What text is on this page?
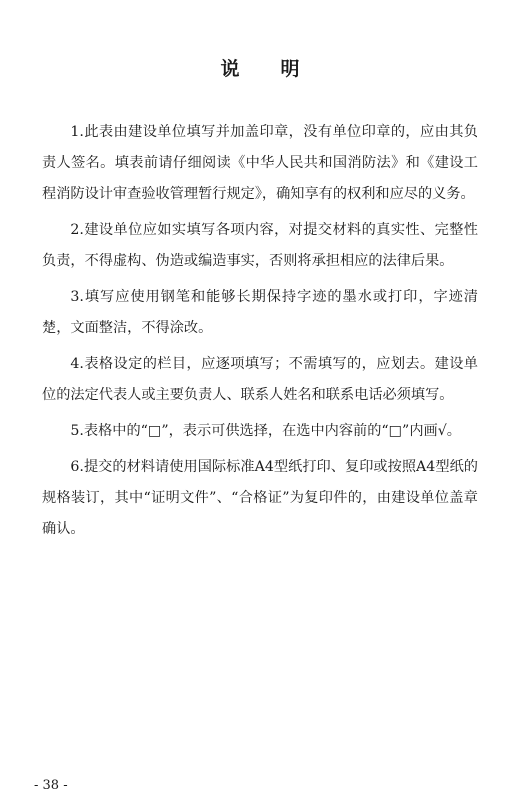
说 明

1.此表由建设单位填写并加盖印章，没有单位印章的，应由其负责人签名。填表前请仔细阅读《中华人民共和国消防法》和《建设工程消防设计审查验收管理暂行规定》，确知享有的权利和应尽的义务。

2.建设单位应如实填写各项内容，对提交材料的真实性、完整性负责，不得虚构、伪造或编造事实，否则将承担相应的法律后果。

3.填写应使用钢笔和能够长期保持字迹的墨水或打印，字迹清楚，文面整洁，不得涂改。

4.表格设定的栏目，应逐项填写；不需填写的，应划去。建设单位的法定代表人或主要负责人、联系人姓名和联系电话必须填写。

5.表格中的“□”，表示可供选择，在选中内容前的“□”内画√。

6.提交的材料请使用国际标准A4型纸打印、复印或按照A4型纸的规格装订，其中“证明文件”、“合格证”为复印件的，由建设单位盖章确认。

- 38 -
